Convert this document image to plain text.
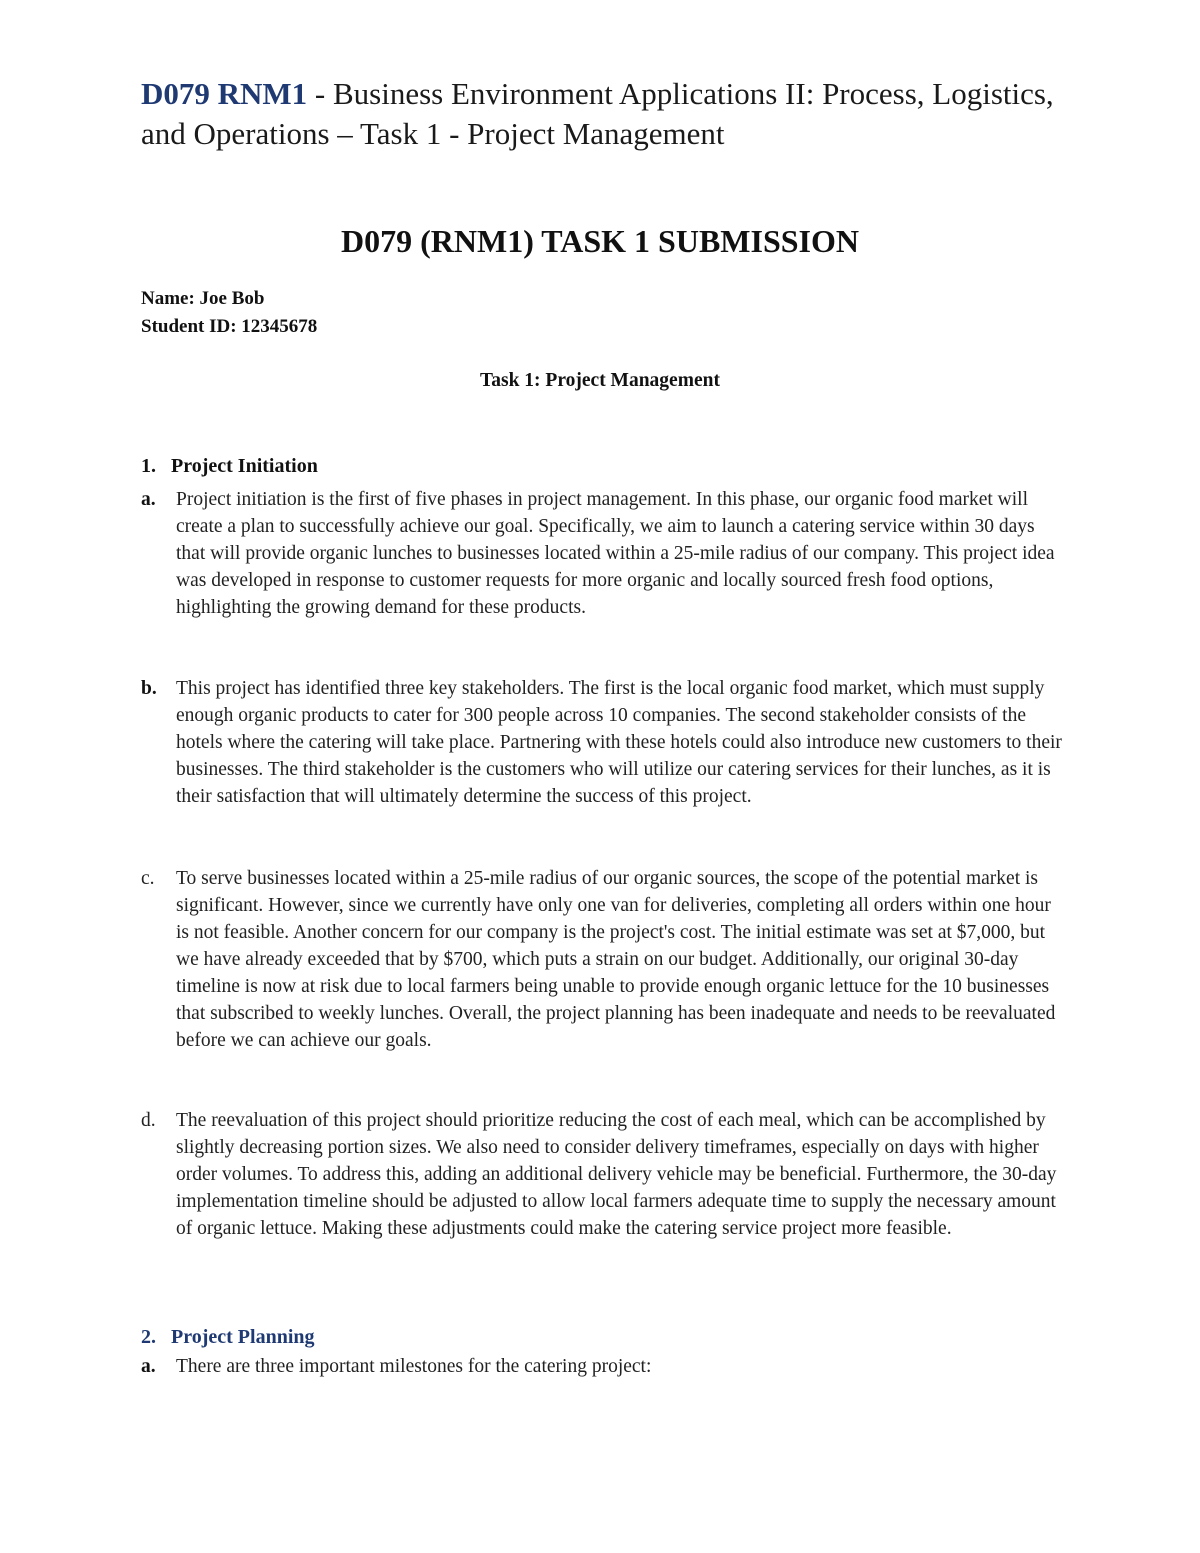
D079 RNM1 - Business Environment Applications II: Process, Logistics, and Operations – Task 1 - Project Management
D079 (RNM1) TASK 1 SUBMISSION
Name: Joe Bob
Student ID: 12345678
Task 1: Project Management
1. Project Initiation
a.	Project initiation is the first of five phases in project management. In this phase, our organic food market will create a plan to successfully achieve our goal. Specifically, we aim to launch a catering service within 30 days that will provide organic lunches to businesses located within a 25-mile radius of our company. This project idea was developed in response to customer requests for more organic and locally sourced fresh food options, highlighting the growing demand for these products.
b. This project has identified three key stakeholders. The first is the local organic food market, which must supply enough organic products to cater for 300 people across 10 companies. The second stakeholder consists of the hotels where the catering will take place. Partnering with these hotels could also introduce new customers to their businesses. The third stakeholder is the customers who will utilize our catering services for their lunches, as it is their satisfaction that will ultimately determine the success of this project.
c.	To serve businesses located within a 25-mile radius of our organic sources, the scope of the potential market is significant. However, since we currently have only one van for deliveries, completing all orders within one hour is not feasible. Another concern for our company is the project's cost. The initial estimate was set at $7,000, but we have already exceeded that by $700, which puts a strain on our budget. Additionally, our original 30-day timeline is now at risk due to local farmers being unable to provide enough organic lettuce for the 10 businesses that subscribed to weekly lunches. Overall, the project planning has been inadequate and needs to be reevaluated before we can achieve our goals.
d.	The reevaluation of this project should prioritize reducing the cost of each meal, which can be accomplished by slightly decreasing portion sizes. We also need to consider delivery timeframes, especially on days with higher order volumes. To address this, adding an additional delivery vehicle may be beneficial. Furthermore, the 30-day implementation timeline should be adjusted to allow local farmers adequate time to supply the necessary amount of organic lettuce. Making these adjustments could make the catering service project more feasible.
2. Project Planning
a.	There are three important milestones for the catering project:
